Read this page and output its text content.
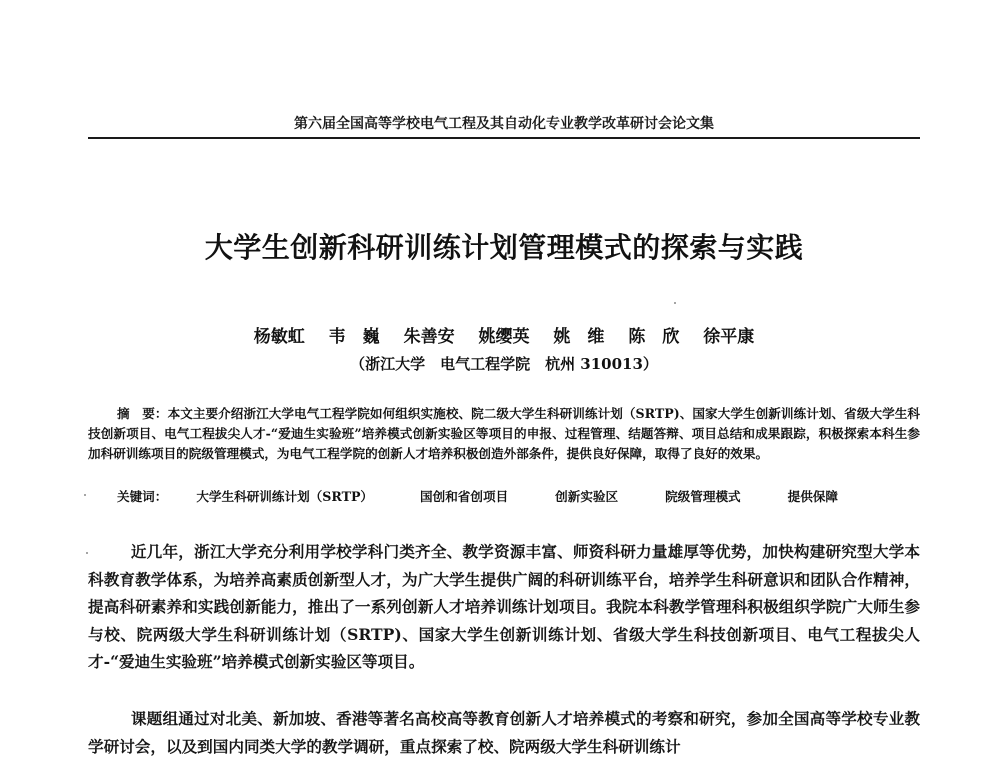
第六届全国高等学校电气工程及其自动化专业教学改革研讨会论文集
大学生创新科研训练计划管理模式的探索与实践
杨敏虹 韦　巍 朱善安 姚缨英 姚　维 陈　欣 徐平康
（浙江大学　电气工程学院　杭州 310013）
摘　要：本文主要介绍浙江大学电气工程学院如何组织实施校、院二级大学生科研训练计划（SRTP)、国家大学生创新训练计划、省级大学生科技创新项目、电气工程拔尖人才-“爱迪生实验班”培养模式创新实验区等项目的申报、过程管理、结题答辩、项目总结和成果跟踪，积极探索本科生参加科研训练项目的院级管理模式，为电气工程学院的创新人才培养积极创造外部条件，提供良好保障，取得了良好的效果。
关键词： 大学生科研训练计划（SRTP）	国创和省创项目	创新实验区	院级管理模式	提供保障

近几年，浙江大学充分利用学校学科门类齐全、教学资源丰富、师资科研力量雄厚等优势，加快构建研究型大学本科教育教学体系，为培养高素质创新型人才，为广大学生提供广阔的科研训练平台，培养学生科研意识和团队合作精神，提高科研素养和实践创新能力，推出了一系列创新人才培养训练计划项目。我院本科教学管理科积极组织学院广大师生参与校、院两级大学生科研训练计划（SRTP)、国家大学生创新训练计划、省级大学生科技创新项目、电气工程拔尖人才-“爱迪生实验班”培养模式创新实验区等项目。

课题组通过对北美、新加坡、香港等著名高校高等教育创新人才培养模式的考察和研究，参加全国高等学校专业教学研讨会，以及到国内同类大学的教学调研，重点探索了校、院两级大学生科研训练计
